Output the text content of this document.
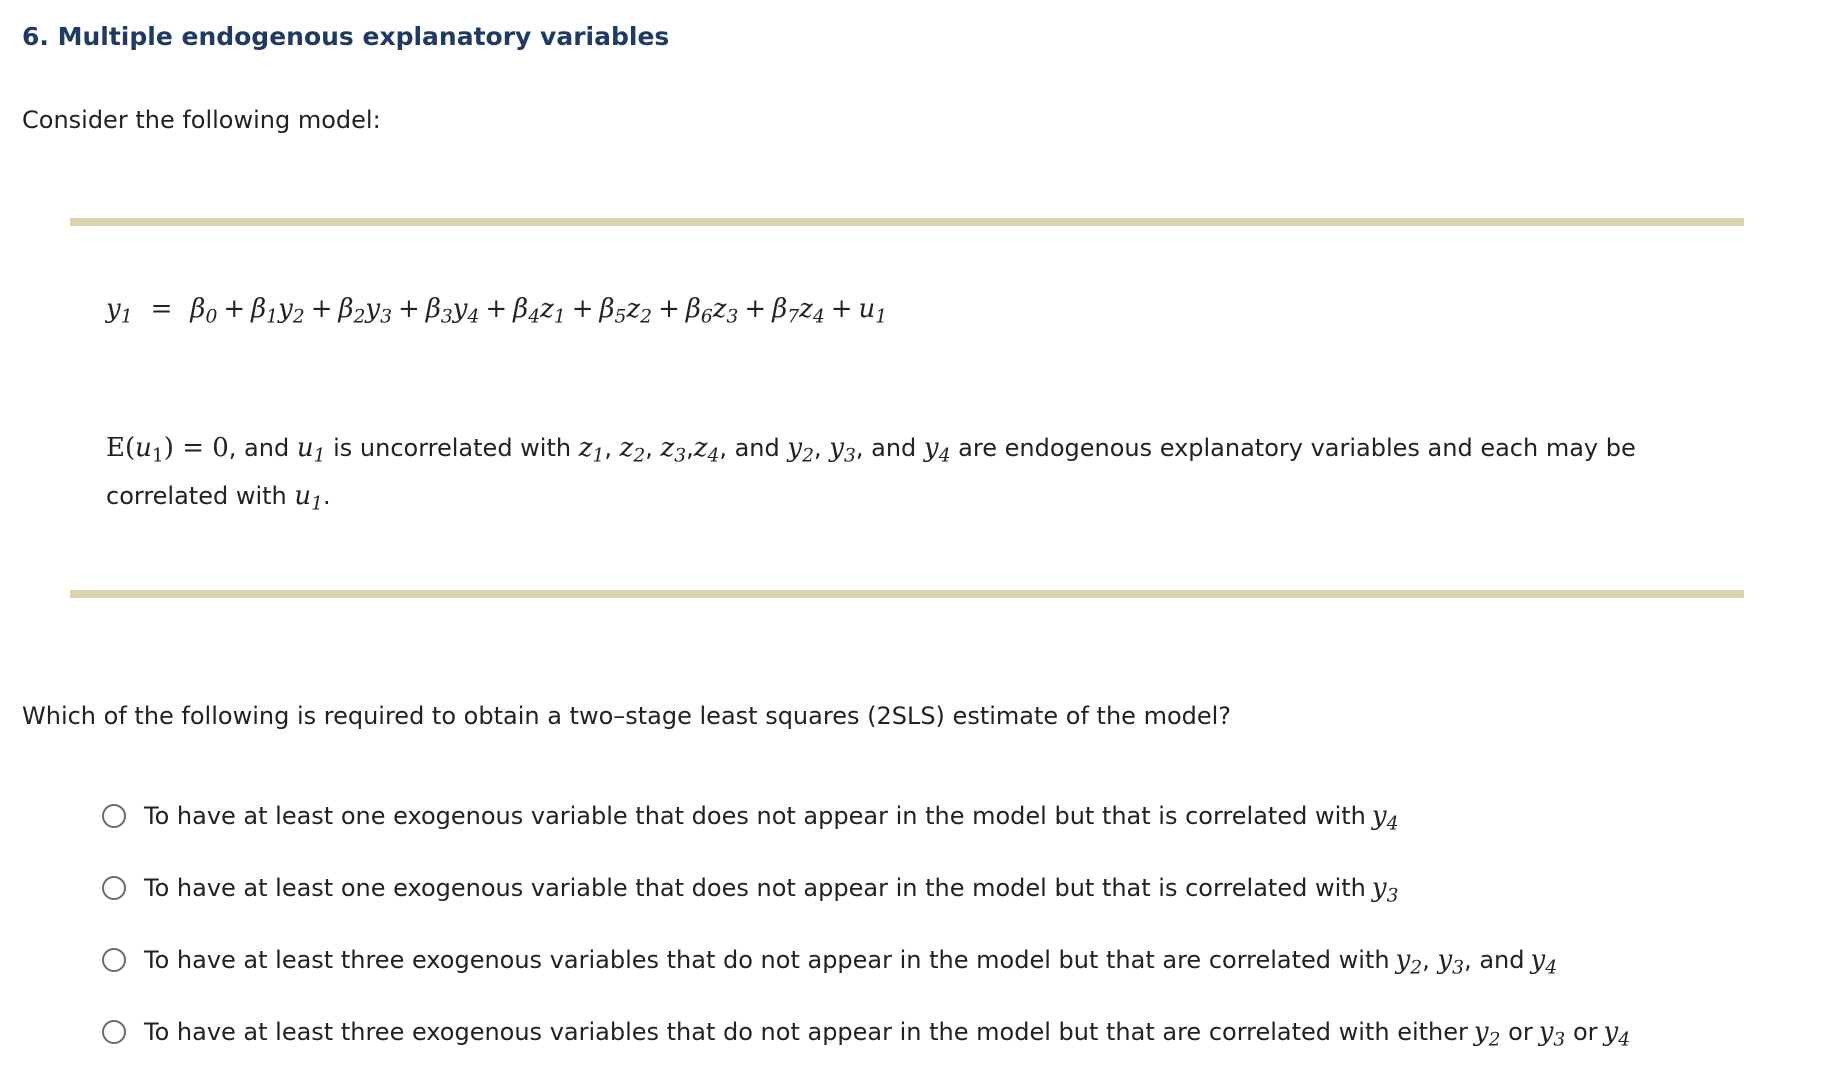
6. Multiple endogenous explanatory variables

Consider the following model:

$y_1 = \beta_0 + \beta_1y_2 + \beta_2y_3 + \beta_3y_4 + \beta_4z_1 + \beta_5z_2 + \beta_6z_3 + \beta_7z_4 + u_1$
$E(u_1) = 0$, and $u_1$ is uncorrelated with $z_1$, $z_2$, $z_3,z_4$, and $y_2$, $y_3$, and $y_4$ are endogenous explanatory variables and each may be correlated with $u_1$.

Which of the following is required to obtain a two–stage least squares (2SLS) estimate of the model?

To have at least one exogenous variable that does not appear in the model but that is correlated with $y_4$
To have at least one exogenous variable that does not appear in the model but that is correlated with $y_3$
To have at least three exogenous variables that do not appear in the model but that are correlated with $y_2$ , $y_3$ , and $y_4$
To have at least three exogenous variables that do not appear in the model but that are correlated with either $y_2$
or $y_3$
or $y_4$
